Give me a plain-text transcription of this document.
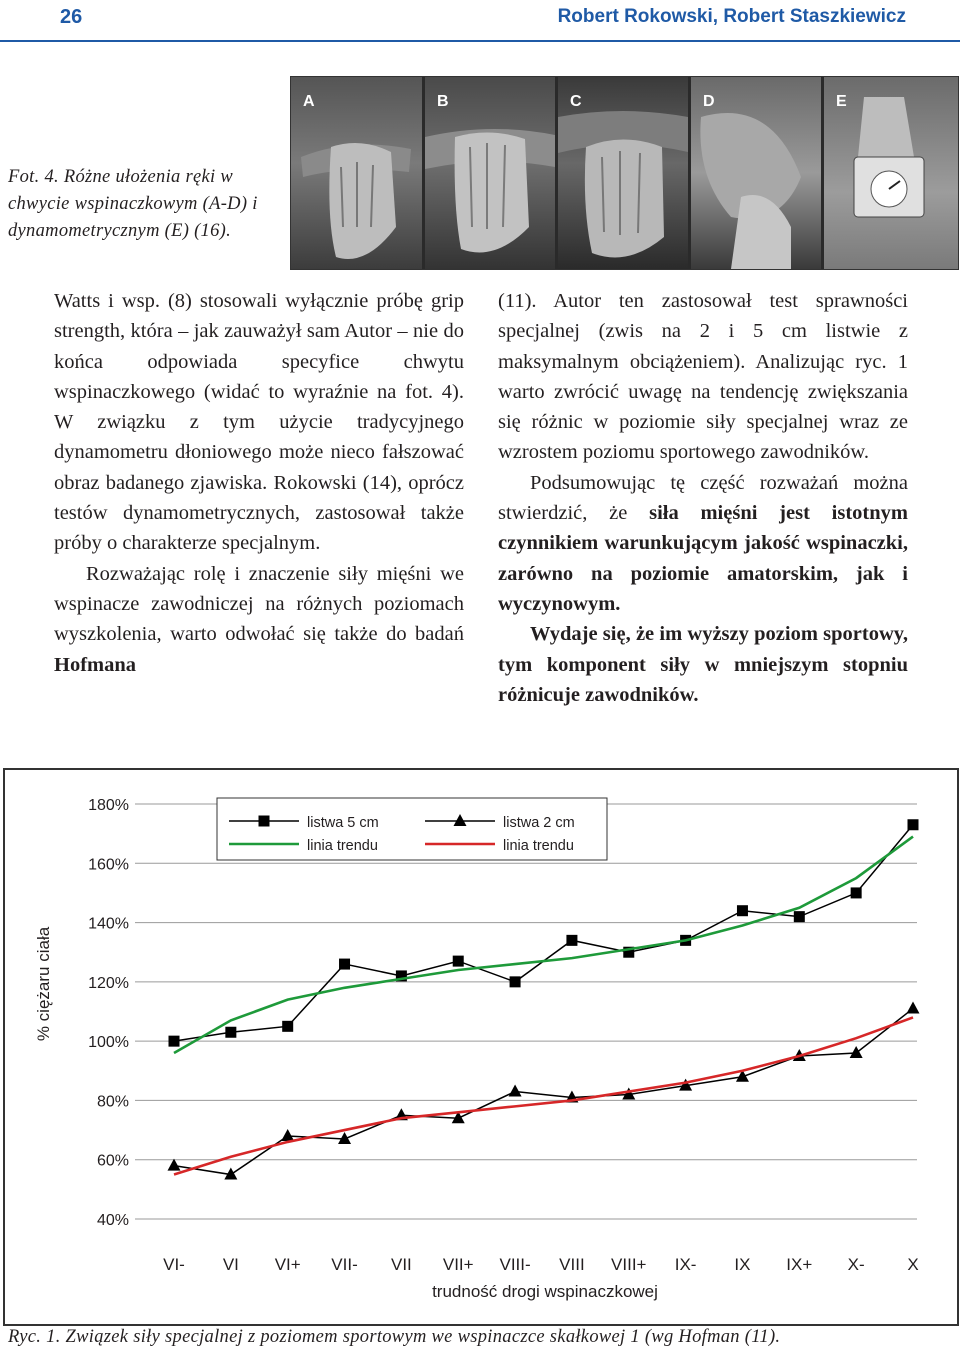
26	Robert Rokowski, Robert Staszkiewicz
Fot. 4. Różne ułożenia ręki w chwycie wspinaczkowym (A-D) i dynamometrycznym (E) (16).
A	B	C	D	E

Watts i wsp. (8) stosowali wyłącznie próbę grip strength, która – jak zauważył sam Autor – nie do końca odpowiada specyfice chwytu wspinaczkowego (widać to wyraźnie na fot. 4). W związku z tym użycie tradycyjnego dynamometru dłoniowego może nieco fałszować obraz badanego zjawiska. Rokowski (14), oprócz testów dynamometrycznych, zastosował także próby o charakterze specjalnym.

Rozważając rolę i znaczenie siły mięśni we wspinacze zawodniczej na różnych poziomach wyszkolenia, warto odwołać się także do badań Hofmana

(11). Autor ten zastosował test sprawności specjalnej (zwis na 2 i 5 cm listwie z maksymalnym obciążeniem). Analizując ryc. 1 warto zwrócić uwagę na tendencję zwiększania się różnic w poziomie siły specjalnej wraz ze wzrostem poziomu sportowego zawodników.

Podsumowując tę część rozważań można stwierdzić, że siła mięśni jest istotnym czynnikiem warunkującym jakość wspinaczki, zarówno na poziomie amatorskim, jak i wyczynowym.

Wydaje się, że im wyższy poziom sportowy, tym komponent siły w mniejszym stopniu różnicuje zawodników.

180%
160%
140%
120%
100%
80%
60%
40%
VI- VI VI+ VII- VII VII+ VIII- VIII VIII+ IX- IX IX+ X-	X
trudność drogi wspinaczkowej
% ciężaru ciała
listwa 5 cm
linia trendu
listwa 2 cm
linia trendu
Ryc. 1. Związek siły specjalnej z poziomem sportowym we wspinaczce skałkowej 1 (wg Hofman (11).
